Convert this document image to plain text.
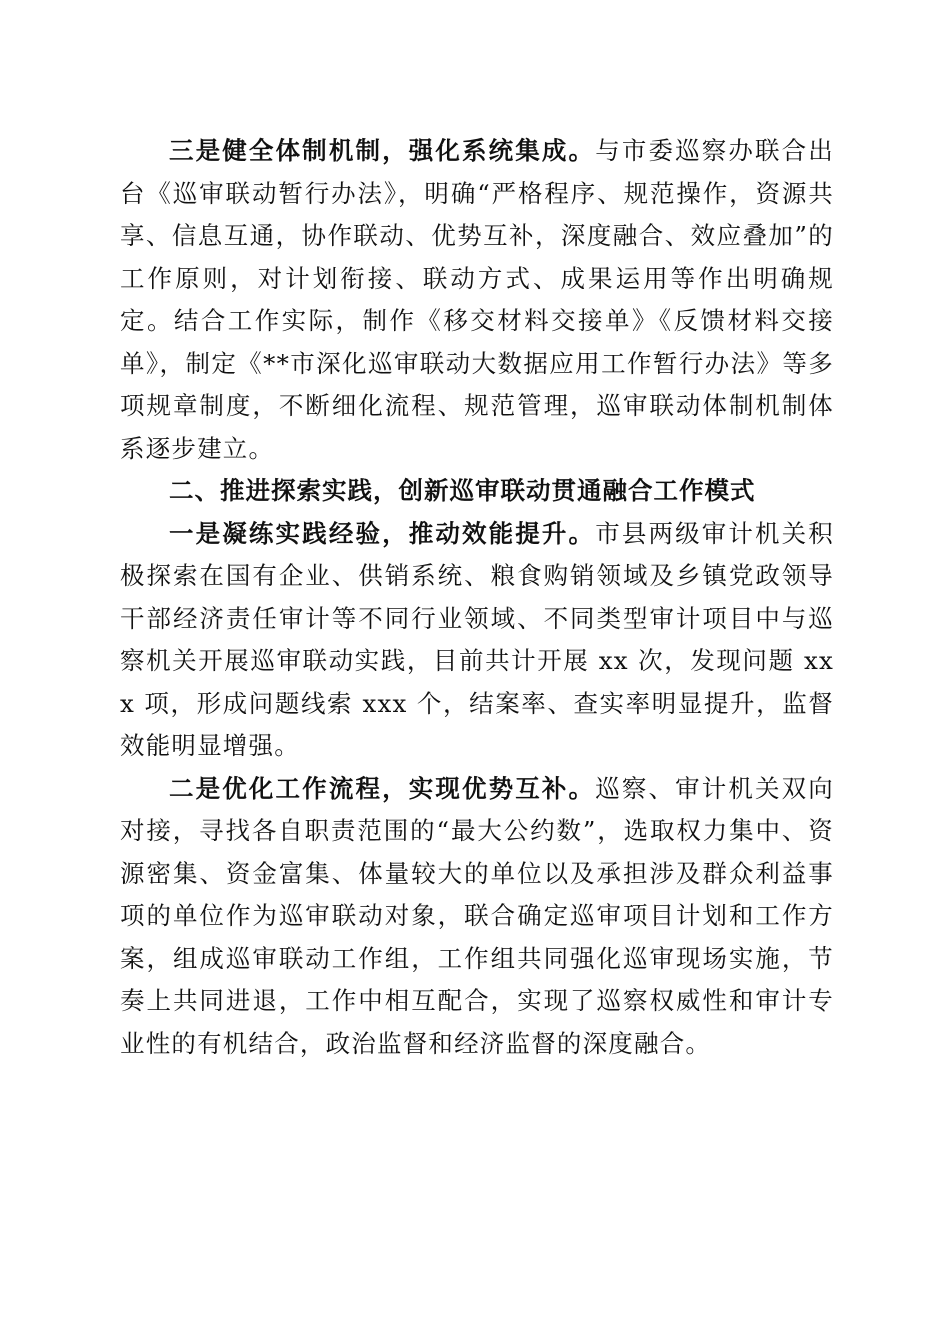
三是健全体制机制，强化系统集成。与市委巡察办联合出台《巡审联动暂行办法》，明确“严格程序、规范操作，资源共享、信息互通，协作联动、优势互补，深度融合、效应叠加”的工作原则，对计划衔接、联动方式、成果运用等作出明确规定。结合工作实际，制作《移交材料交接单》《反馈材料交接单》，制定《**市深化巡审联动大数据应用工作暂行办法》等多项规章制度，不断细化流程、规范管理，巡审联动体制机制体系逐步建立。

二、推进探索实践，创新巡审联动贯通融合工作模式

一是凝练实践经验，推动效能提升。市县两级审计机关积极探索在国有企业、供销系统、粮食购销领域及乡镇党政领导干部经济责任审计等不同行业领域、不同类型审计项目中与巡察机关开展巡审联动实践，目前共计开展 xx 次，发现问题 xxx 项，形成问题线索 xxx 个，结案率、查实率明显提升，监督效能明显增强。

二是优化工作流程，实现优势互补。巡察、审计机关双向对接，寻找各自职责范围的“最大公约数”，选取权力集中、资源密集、资金富集、体量较大的单位以及承担涉及群众利益事项的单位作为巡审联动对象，联合确定巡审项目计划和工作方案，组成巡审联动工作组，工作组共同强化巡审现场实施，节奏上共同进退，工作中相互配合，实现了巡察权威性和审计专业性的有机结合，政治监督和经济监督的深度融合。
